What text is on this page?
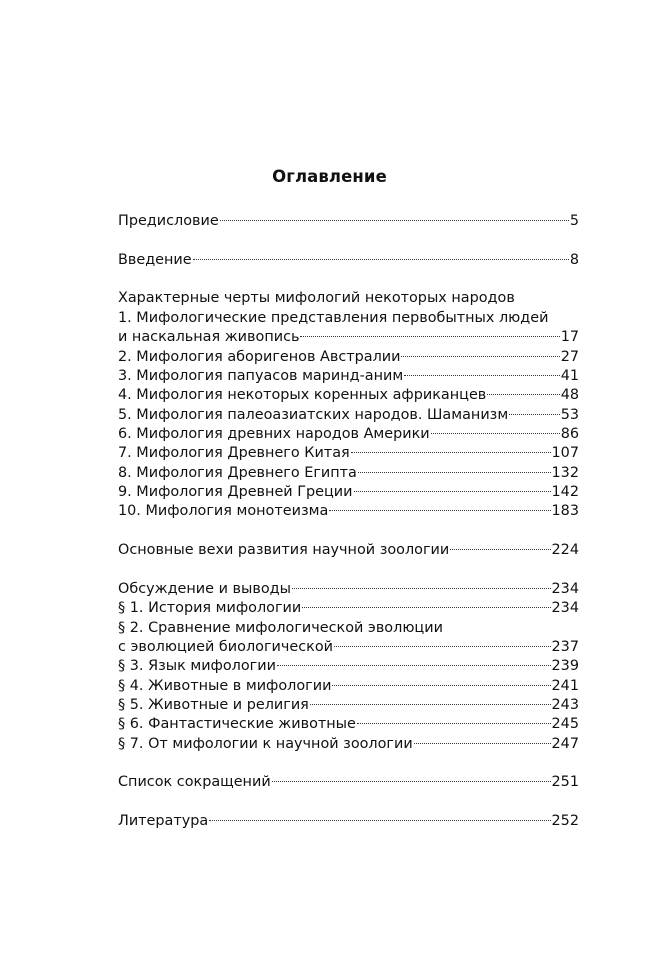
Оглавление
Предисловие	5
Введение	8
Характерные черты мифологий некоторых народов
1. Мифологические представления первобытных людей
и наскальная живопись	17
2. Мифология аборигенов Австралии	27
3. Мифология папуасов маринд-аним	41
4. Мифология некоторых коренных африканцев	48
5. Мифология палеоазиатских народов. Шаманизм	53
6. Мифология древних народов Америки	86
7. Мифология Древнего Китая	107
8. Мифология Древнего Египта	132
9. Мифология Древней Греции	142
10. Мифология монотеизма	183
Основные вехи развития научной зоологии	224
Обсуждение и выводы	234
§ 1. История мифологии	234
§ 2. Сравнение мифологической эволюции
с эволюцией биологической	237
§ 3. Язык мифологии	239
§ 4. Животные в мифологии	241
§ 5. Животные и религия	243
§ 6. Фантастические животные	245
§ 7. От мифологии к научной зоологии	247
Список сокращений	251
Литература	252
